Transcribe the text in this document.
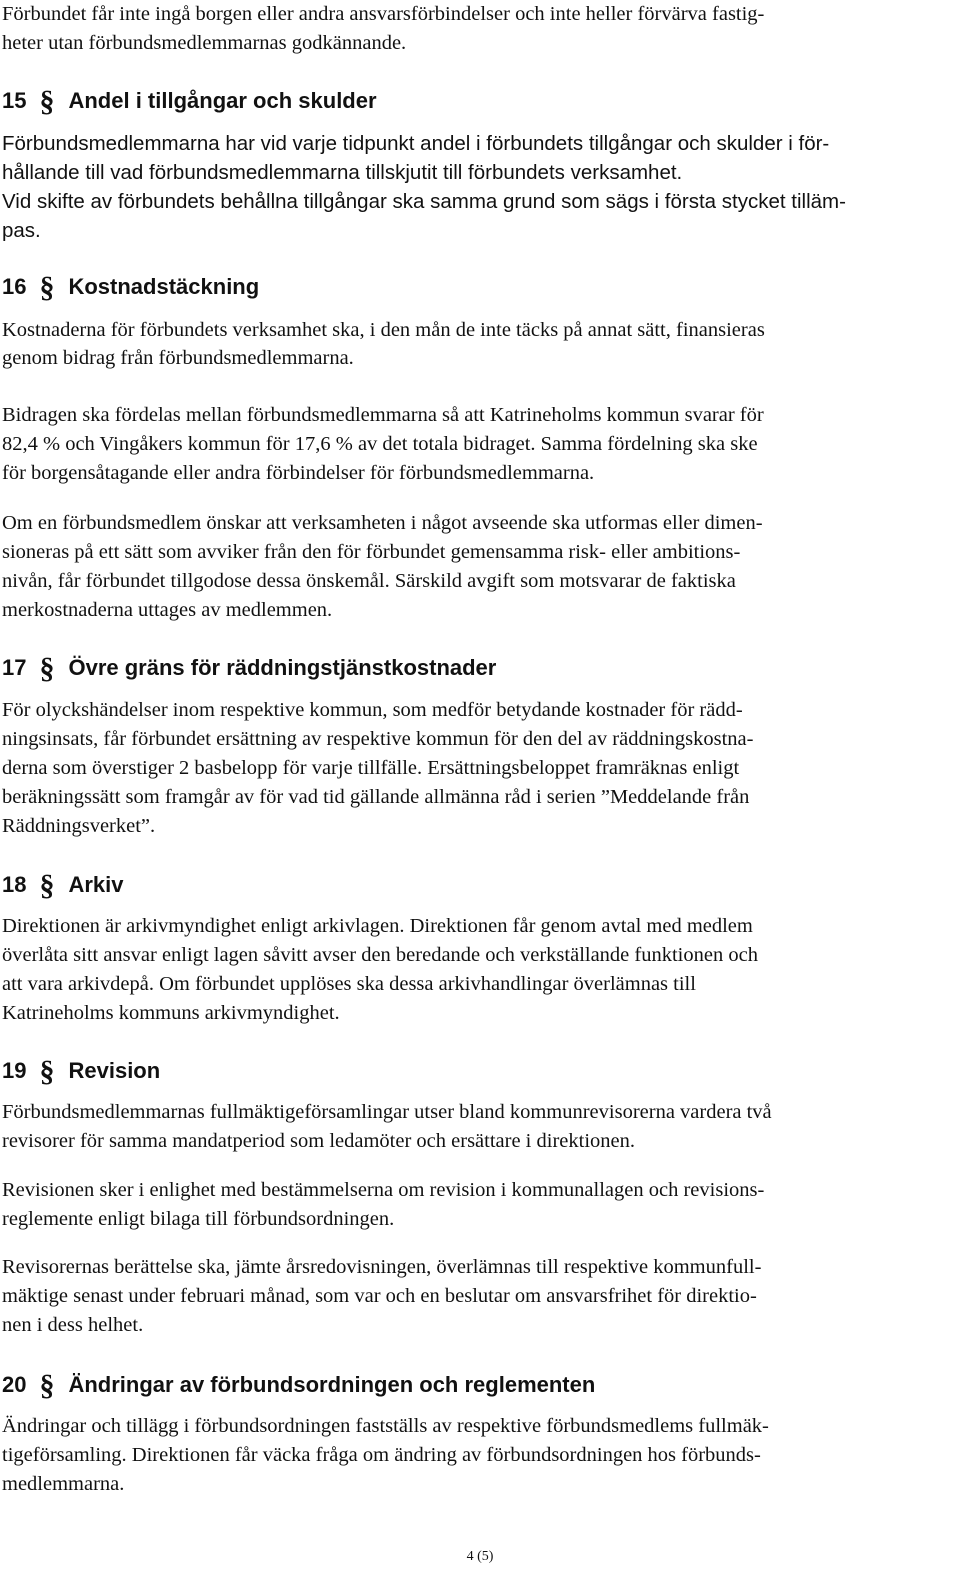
Förbundet får inte ingå borgen eller andra ansvarsförbindelser och inte heller förvärva fastig-
heter utan förbundsmedlemmarnas godkännande.
15 § Andel i tillgångar och skulder
Förbundsmedlemmarna har vid varje tidpunkt andel i förbundets tillgångar och skulder i för-
hållande till vad förbundsmedlemmarna tillskjutit till förbundets verksamhet.
Vid skifte av förbundets behållna tillgångar ska samma grund som sägs i första stycket tilläm-
pas.
16 § Kostnadstäckning
Kostnaderna för förbundets verksamhet ska, i den mån de inte täcks på annat sätt, finansieras
genom bidrag från förbundsmedlemmarna.
Bidragen ska fördelas mellan förbundsmedlemmarna så att Katrineholms kommun svarar för
82,4 % och Vingåkers kommun för 17,6 % av det totala bidraget. Samma fördelning ska ske
för borgensåtagande eller andra förbindelser för förbundsmedlemmarna.
Om en förbundsmedlem önskar att verksamheten i något avseende ska utformas eller dimen-
sioneras på ett sätt som avviker från den för förbundet gemensamma risk- eller ambitions-
nivån, får förbundet tillgodose dessa önskemål. Särskild avgift som motsvarar de faktiska
merkostnaderna uttages av medlemmen.
17 § Övre gräns för räddningstjänstkostnader
För olyckshändelser inom respektive kommun, som medför betydande kostnader för rädd-
ningsinsats, får förbundet ersättning av respektive kommun för den del av räddningskostna-
derna som överstiger 2 basbelopp för varje tillfälle. Ersättningsbeloppet framräknas enligt
beräkningssätt som framgår av för vad tid gällande allmänna råd i serien ”Meddelande från
Räddningsverket”.
18 § Arkiv
Direktionen är arkivmyndighet enligt arkivlagen. Direktionen får genom avtal med medlem
överlåta sitt ansvar enligt lagen såvitt avser den beredande och verkställande funktionen och
att vara arkivdepå. Om förbundet upplöses ska dessa arkivhandlingar överlämnas till
Katrineholms kommuns arkivmyndighet.
19 § Revision
Förbundsmedlemmarnas fullmäktigeförsamlingar utser bland kommunrevisorerna vardera två
revisorer för samma mandatperiod som ledamöter och ersättare i direktionen.
Revisionen sker i enlighet med bestämmelserna om revision i kommunallagen och revisions-
reglemente enligt bilaga till förbundsordningen.
Revisorernas berättelse ska, jämte årsredovisningen, överlämnas till respektive kommunfull-
mäktige senast under februari månad, som var och en beslutar om ansvarsfrihet för direktio-
nen i dess helhet.
20 § Ändringar av förbundsordningen och reglementen
Ändringar och tillägg i förbundsordningen fastställs av respektive förbundsmedlems fullmäk-
tigeförsamling. Direktionen får väcka fråga om ändring av förbundsordningen hos förbunds-
medlemmarna.
4 (5)
